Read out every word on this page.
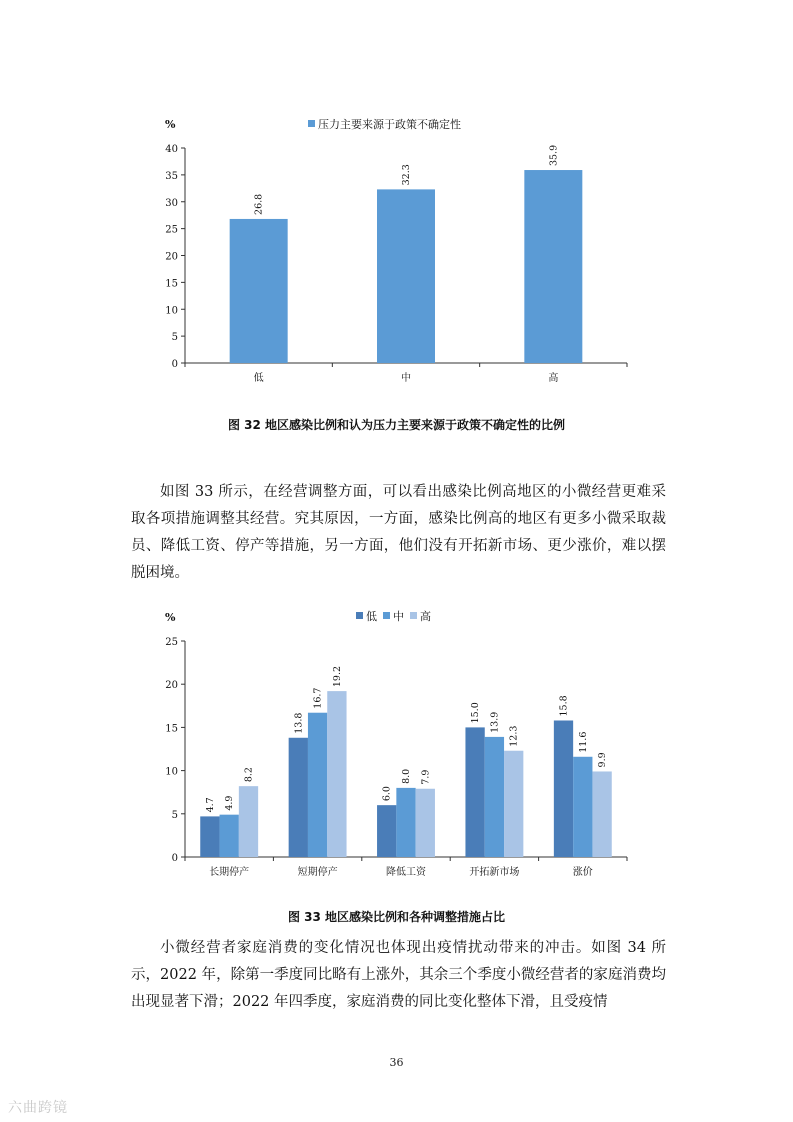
0
5
10
15
20
25
30
35
40
%
26.8
低
32.3
中
35.9
高
压力主要来源于政策不确定性
图 32 地区感染比例和认为压力主要来源于政策不确定性的比例

如图 33 所示，在经营调整方面，可以看出感染比例高地区的小微经营更难采取各项措施调整其经营。究其原因，一方面，感染比例高的地区有更多小微采取裁员、降低工资、停产等措施，另一方面，他们没有开拓新市场、更少涨价，难以摆脱困境。

0
5
10
15
20
25
%
4.7 4.9
8.2
长期停产
13.8
16.7
19.2
短期停产
6.0
8.0 7.9
降低工资
15.0 13.9
12.3
开拓新市场
15.8
11.6
9.9
涨价
低 中 高
图 33 地区感染比例和各种调整措施占比

小微经营者家庭消费的变化情况也体现出疫情扰动带来的冲击。如图 34 所示，2022 年，除第一季度同比略有上涨外，其余三个季度小微经营者的家庭消费均出现显著下滑；2022 年四季度，家庭消费的同比变化整体下滑，且受疫情

36
六曲跨镜
